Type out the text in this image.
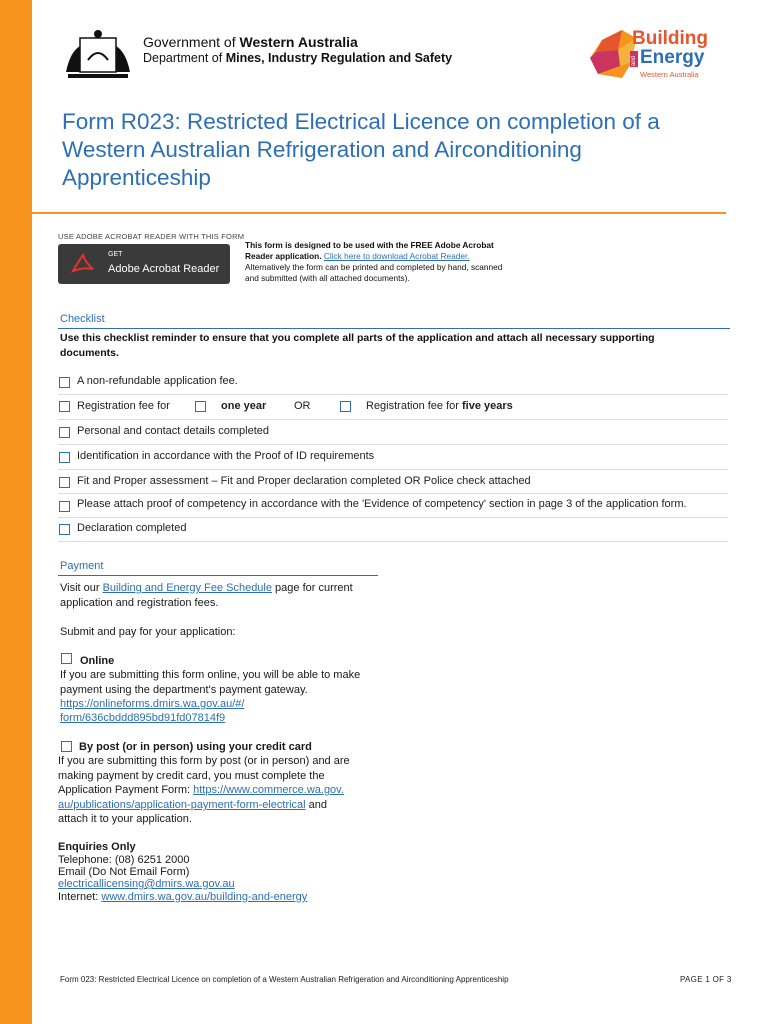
Government of Western Australia
Department of Mines, Industry Regulation and Safety
Building
and Energy
Western Australia
Form R023: Restricted Electrical Licence on completion of a Western Australian Refrigeration and Airconditioning Apprenticeship
USE ADOBE ACROBAT READER WITH THIS FORM
GET
Adobe Acrobat Reader
This form is designed to be used with the FREE Adobe Acrobat Reader application. Click here to download Acrobat Reader. Alternatively the form can be printed and completed by hand, scanned and submitted (with all attached documents).
Checklist
Use this checklist reminder to ensure that you complete all parts of the application and attach all necessary supporting documents.
A non-refundable application fee.
Registration fee for	one year	OR	Registration fee for five years
Personal and contact details completed
Identification in accordance with the Proof of ID requirements
Fit and Proper assessment – Fit and Proper declaration completed OR Police check attached
Please attach proof of competency in accordance with the 'Evidence of competency' section in page 3 of the application form.
Declaration completed
Payment
Visit our Building and Energy Fee Schedule page for current application and registration fees.
Submit and pay for your application:
Online
If you are submitting this form online, you will be able to make payment using the department's payment gateway.
https://onlineforms.dmirs.wa.gov.au/#/
form/636cbddd895bd91fd07814f9
By post (or in person) using your credit card
If you are submitting this form by post (or in person) and are
making payment by credit card, you must complete the
Application Payment Form: https://www.commerce.wa.gov.
au/publications/application-payment-form-electrical and
attach it to your application.
Enquiries Only
Telephone: (08) 6251 2000
Email (Do Not Email Form)
electricallicensing@dmirs.wa.gov.au
Internet: www.dmirs.wa.gov.au/building-and-energy
Form 023: Restricted Electrical Licence on completion of a Western Australian Refrigeration and Airconditioning Apprenticeship	PAGE 1 OF 3
